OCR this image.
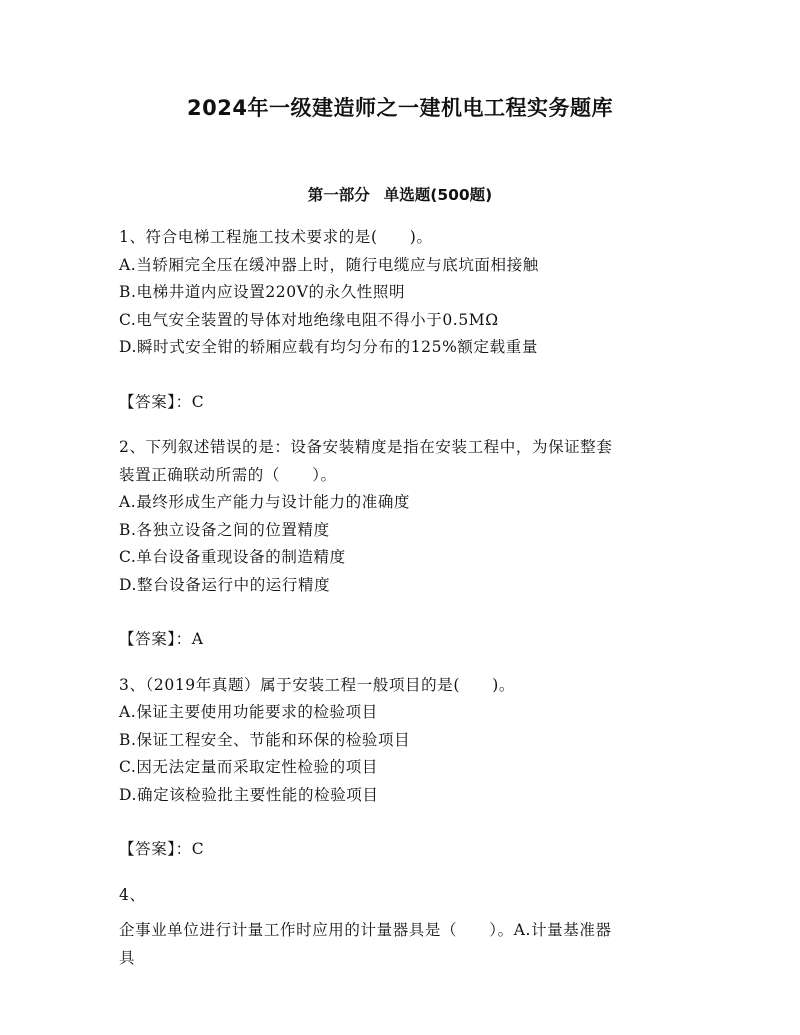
2024年一级建造师之一建机电工程实务题库
第一部分 单选题(500题)
1、符合电梯工程施工技术要求的是(　　)。
A.当轿厢完全压在缓冲器上时，随行电缆应与底坑面相接触
B.电梯井道内应设置220V的永久性照明
C.电气安全装置的导体对地绝缘电阻不得小于0.5MΩ
D.瞬时式安全钳的轿厢应载有均匀分布的125%额定载重量
【答案】：C
2、下列叙述错误的是：设备安装精度是指在安装工程中，为保证整套
装置正确联动所需的（　　）。
A.最终形成生产能力与设计能力的准确度
B.各独立设备之间的位置精度
C.单台设备重现设备的制造精度
D.整台设备运行中的运行精度
【答案】：A
3、（2019年真题）属于安装工程一般项目的是(　　)。
A.保证主要使用功能要求的检验项目
B.保证工程安全、节能和环保的检验项目
C.因无法定量而采取定性检验的项目
D.确定该检验批主要性能的检验项目
【答案】：C
4、
企事业单位进行计量工作时应用的计量器具是（　　）。A.计量基准器
具
